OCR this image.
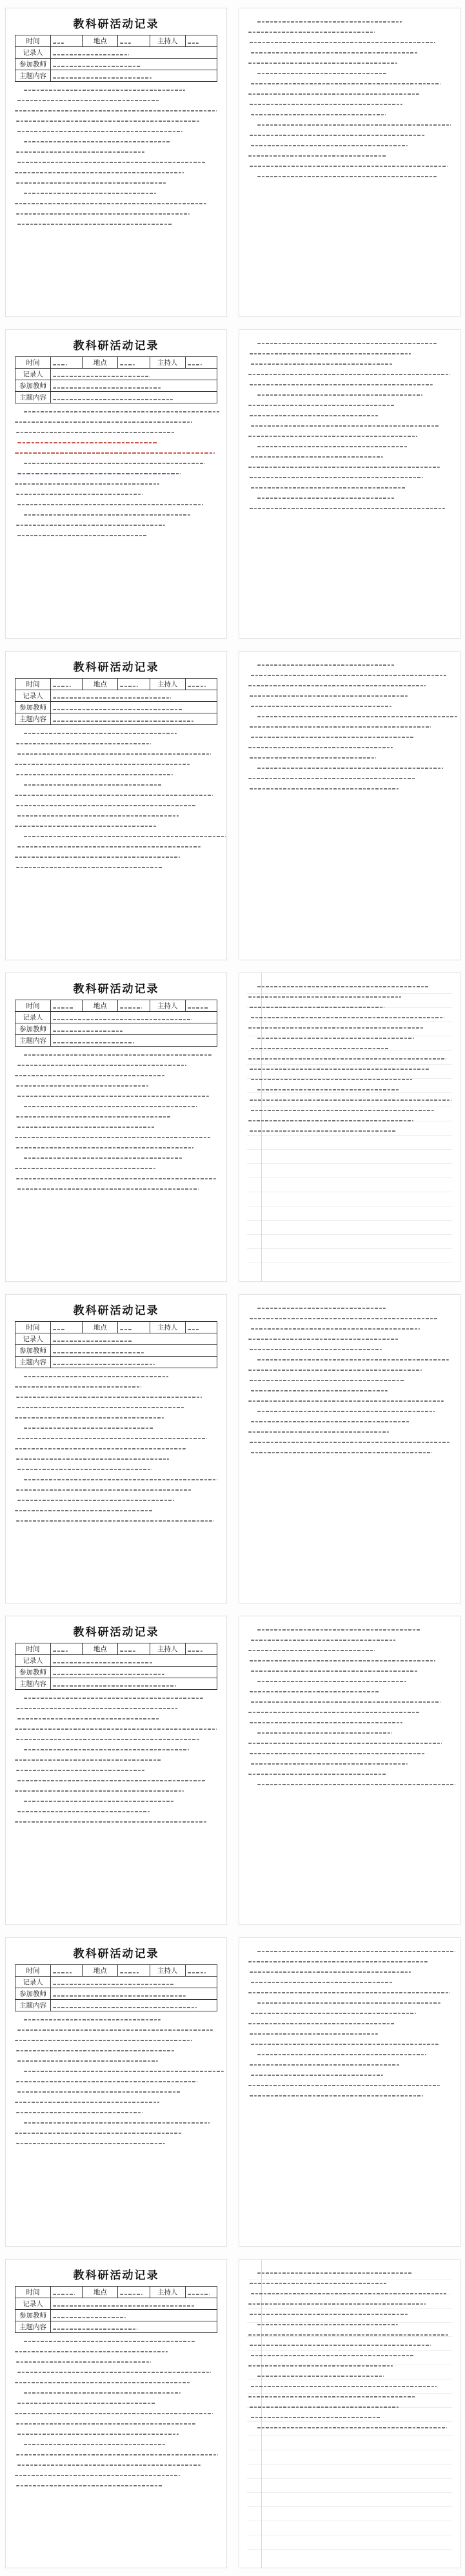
教科研活动记录
时间		地点		主持人	

记录人					

参加教师					

主题内容					
教科研活动记录
时间		地点		主持人	

记录人					

参加教师					

主题内容					
教科研活动记录
时间		地点		主持人	

记录人					

参加教师					

主题内容					
教科研活动记录
时间		地点		主持人	

记录人					

参加教师					

主题内容					
教科研活动记录
时间		地点		主持人	

记录人					

参加教师					

主题内容					
教科研活动记录
时间		地点		主持人	

记录人					

参加教师					

主题内容					
教科研活动记录
时间		地点		主持人	

记录人					

参加教师					

主题内容					
教科研活动记录
时间		地点		主持人	

记录人					

参加教师					

主题内容					
